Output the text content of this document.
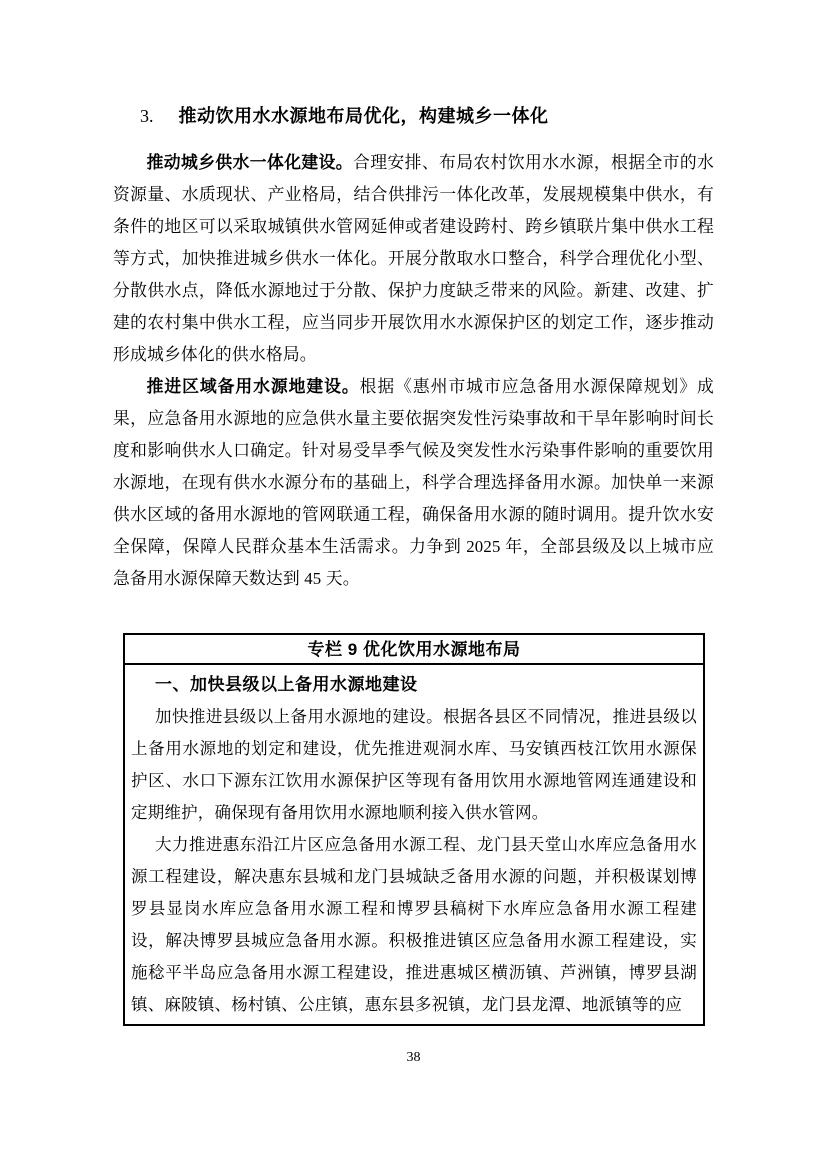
3. 推动饮用水水源地布局优化，构建城乡一体化

推动城乡供水一体化建设。合理安排、布局农村饮用水水源，根据全市的水资源量、水质现状、产业格局，结合供排污一体化改革，发展规模集中供水，有条件的地区可以采取城镇供水管网延伸或者建设跨村、跨乡镇联片集中供水工程等方式，加快推进城乡供水一体化。开展分散取水口整合，科学合理优化小型、分散供水点，降低水源地过于分散、保护力度缺乏带来的风险。新建、改建、扩建的农村集中供水工程，应当同步开展饮用水水源保护区的划定工作，逐步推动形成城乡体化的供水格局。

推进区域备用水源地建设。根据《惠州市城市应急备用水源保障规划》成果，应急备用水源地的应急供水量主要依据突发性污染事故和干旱年影响时间长度和影响供水人口确定。针对易受旱季气候及突发性水污染事件影响的重要饮用水源地，在现有供水水源分布的基础上，科学合理选择备用水源。加快单一来源供水区域的备用水源地的管网联通工程，确保备用水源的随时调用。提升饮水安全保障，保障人民群众基本生活需求。力争到 2025 年，全部县级及以上城市应急备用水源保障天数达到 45 天。

专栏 9 优化饮用水源地布局
一、加快县级以上备用水源地建设

加快推进县级以上备用水源地的建设。根据各县区不同情况，推进县级以上备用水源地的划定和建设，优先推进观洞水库、马安镇西枝江饮用水源保护区、水口下源东江饮用水源保护区等现有备用饮用水源地管网连通建设和定期维护，确保现有备用饮用水源地顺利接入供水管网。

大力推进惠东沿江片区应急备用水源工程、龙门县天堂山水库应急备用水源工程建设，解决惠东县城和龙门县城缺乏备用水源的问题，并积极谋划博罗县显岗水库应急备用水源工程和博罗县稿树下水库应急备用水源工程建设，解决博罗县城应急备用水源。积极推进镇区应急备用水源工程建设，实施稔平半岛应急备用水源工程建设，推进惠城区横沥镇、芦洲镇，博罗县湖镇、麻陂镇、杨村镇、公庄镇，惠东县多祝镇，龙门县龙潭、地派镇等的应

38
